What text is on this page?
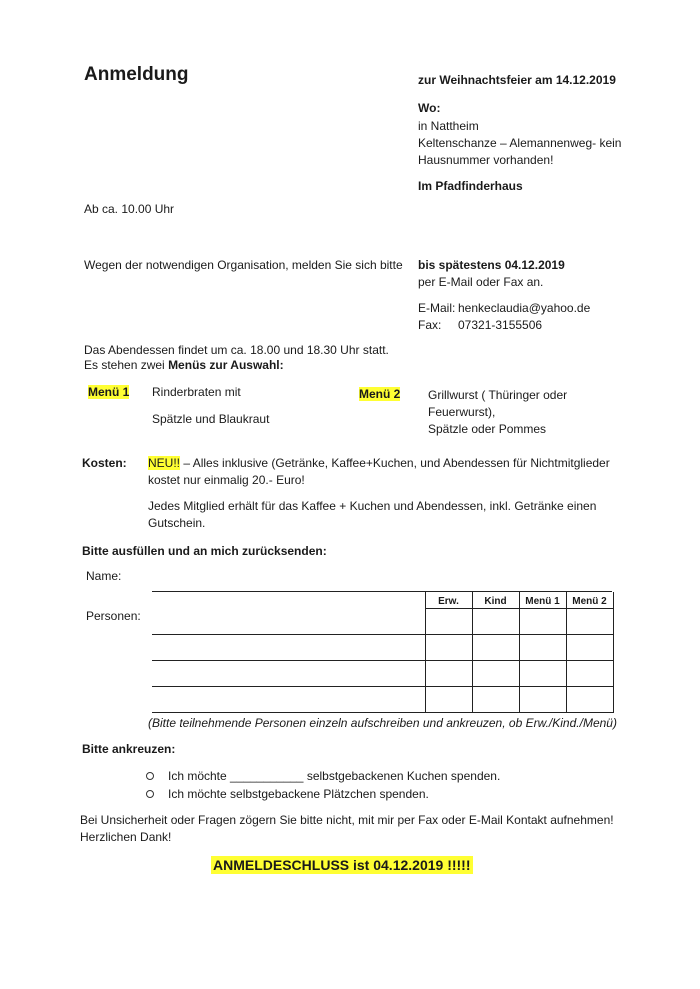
Anmeldung	zur Weihnachtsfeier am 14.12.2019
Wo:
in Nattheim
Keltenschanze – Alemannenweg- kein
Hausnummer vorhanden!
Im Pfadfinderhaus
Ab ca. 10.00 Uhr
Wegen der notwendigen Organisation, melden Sie sich bitte bis spätestens 04.12.2019
per E-Mail oder Fax an.
E-Mail: henkeclaudia@yahoo.de
Fax: 07321-3155506
Das Abendessen findet um ca. 18.00 und 18.30 Uhr statt.
Es stehen zwei Menüs zur Auswahl:
Menü 1 Rinderbraten mit
Spätzle und Blaukraut
Menü 2 Grillwurst ( Thüringer oder
Feuerwurst),
Spätzle oder Pommes
Kosten: NEU!! – Alles inklusive (Getränke, Kaffee+Kuchen, und Abendessen für Nichtmitglieder
kostet nur einmalig 20.- Euro!
Jedes Mitglied erhält für das Kaffee + Kuchen und Abendessen, inkl. Getränke einen
Gutschein.
Bitte ausfüllen und an mich zurücksenden:
Name:
Personen:
Erw.	Kind	Menü 1	Menü 2
(Bitte teilnehmende Personen einzeln aufschreiben und ankreuzen, ob Erw./Kind./Menü)
Bitte ankreuzen:
Ich möchte ___________ selbstgebackenen Kuchen spenden.
Ich möchte selbstgebackene Plätzchen spenden.
Bei Unsicherheit oder Fragen zögern Sie bitte nicht, mit mir per Fax oder E-Mail Kontakt aufnehmen!
Herzlichen Dank!
ANMELDESCHLUSS ist 04.12.2019 !!!!!
